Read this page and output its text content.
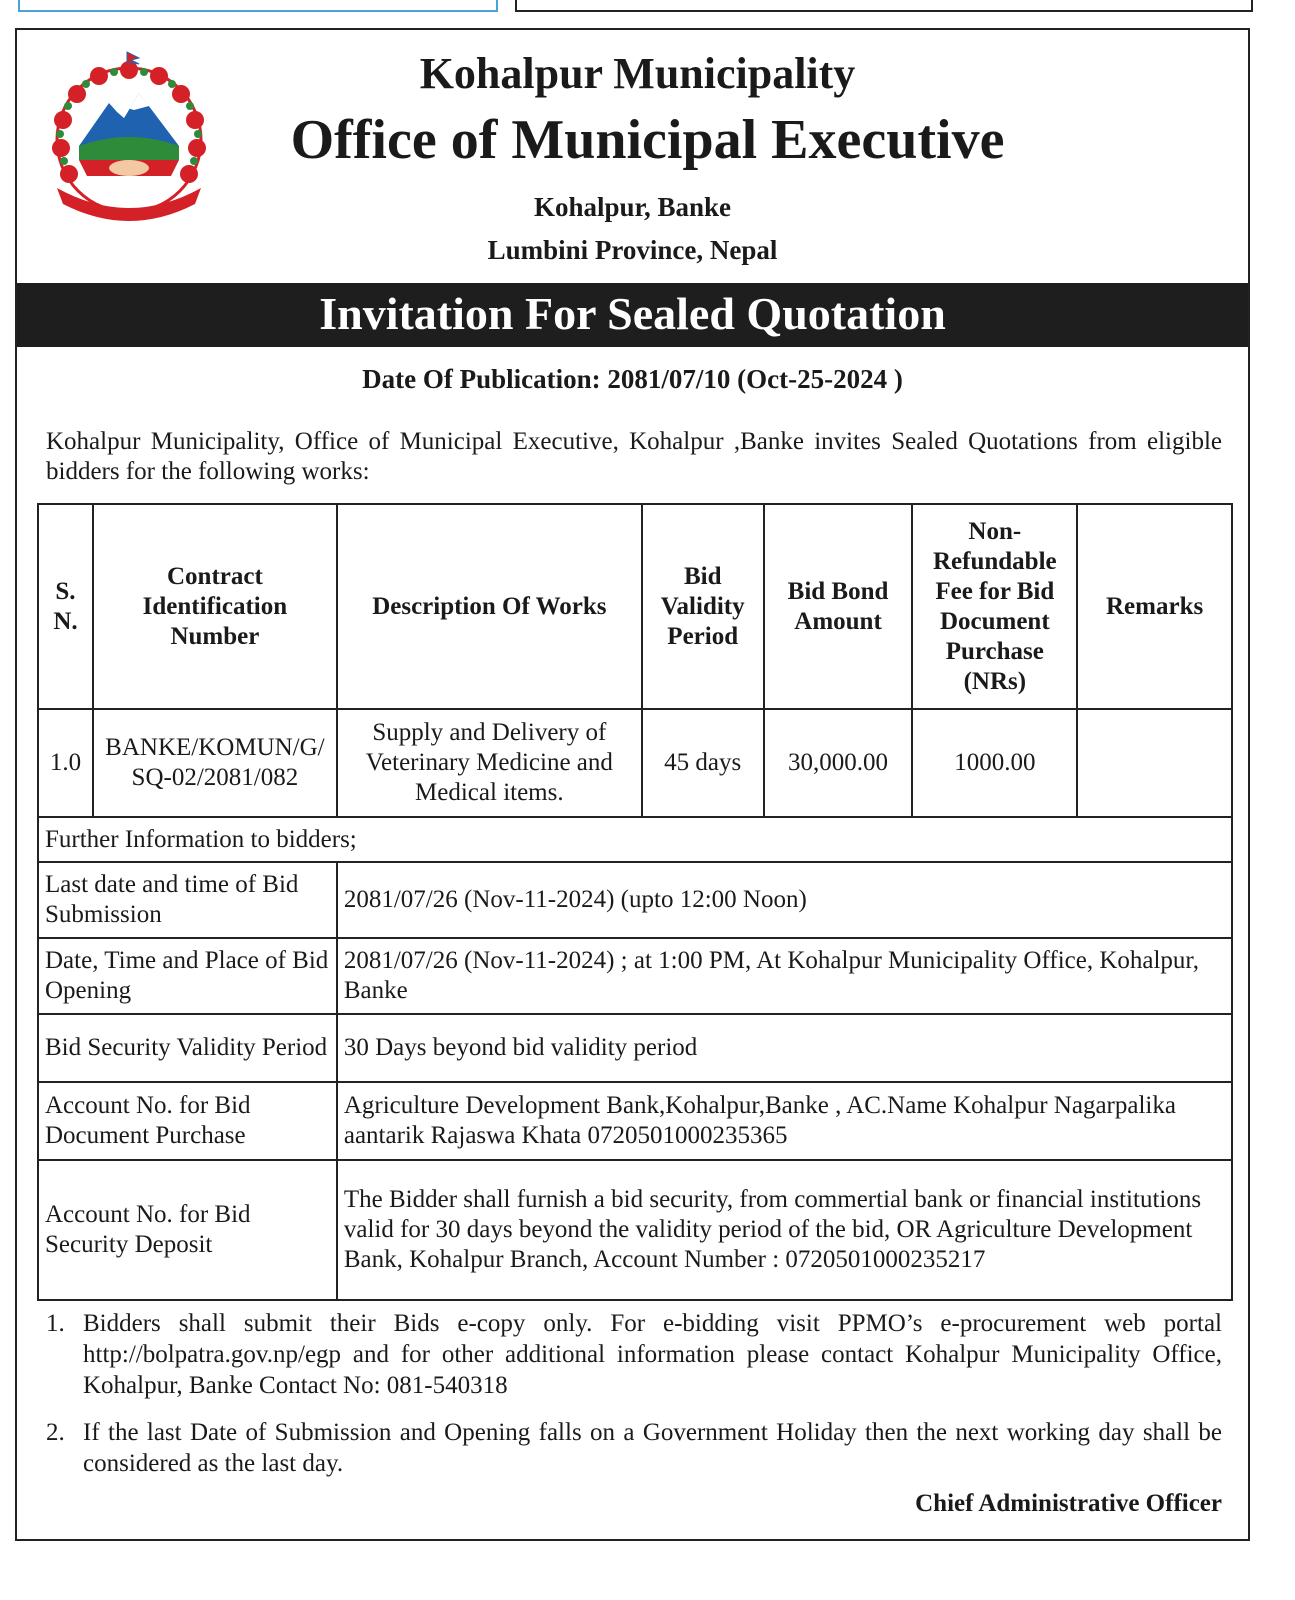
Kohalpur Municipality
Office of Municipal Executive
Kohalpur, Banke
Lumbini Province, Nepal
Invitation For Sealed Quotation
Date Of Publication: 2081/07/10 (Oct-25-2024 )
Kohalpur Municipality, Office of Municipal Executive, Kohalpur ,Banke invites Sealed Quotations from eligible bidders for the following works:
S. N.	Contract Identification Number	Description Of Works	Bid Validity Period	Bid Bond Amount	Non-Refundable Fee for Bid Document Purchase (NRs)	Remarks
1.0	BANKE/KOMUN/G/ SQ-02/2081/082	Supply and Delivery of Veterinary Medicine and Medical items.	45 days	30,000.00	1000.00	
Further Information to bidders;						
Last date and time of Bid Submission		2081/07/26 (Nov-11-2024) (upto 12:00 Noon)				
Date, Time and Place of Bid Opening		2081/07/26 (Nov-11-2024) ; at 1:00 PM, At Kohalpur Municipality Office, Kohalpur, Banke				
Bid Security Validity Period		30 Days beyond bid validity period				
Account No. for Bid Document Purchase		Agriculture Development Bank,Kohalpur,Banke , AC.Name Kohalpur Nagarpalika aantarik Rajaswa Khata 0720501000235365				
Account No. for Bid Security Deposit		The Bidder shall furnish a bid security, from commertial bank or financial institutions valid for 30 days beyond the validity period of the bid, OR Agriculture Development Bank, Kohalpur Branch, Account Number : 0720501000235217				
1. Bidders shall submit their Bids e-copy only. For e-bidding visit PPMO’s e-procurement web portal http://bolpatra.gov.np/egp and for other additional information please contact Kohalpur Municipality Office, Kohalpur, Banke Contact No: 081-540318
2. If the last Date of Submission and Opening falls on a Government Holiday then the next working day shall be considered as the last day.
Chief Administrative Officer
